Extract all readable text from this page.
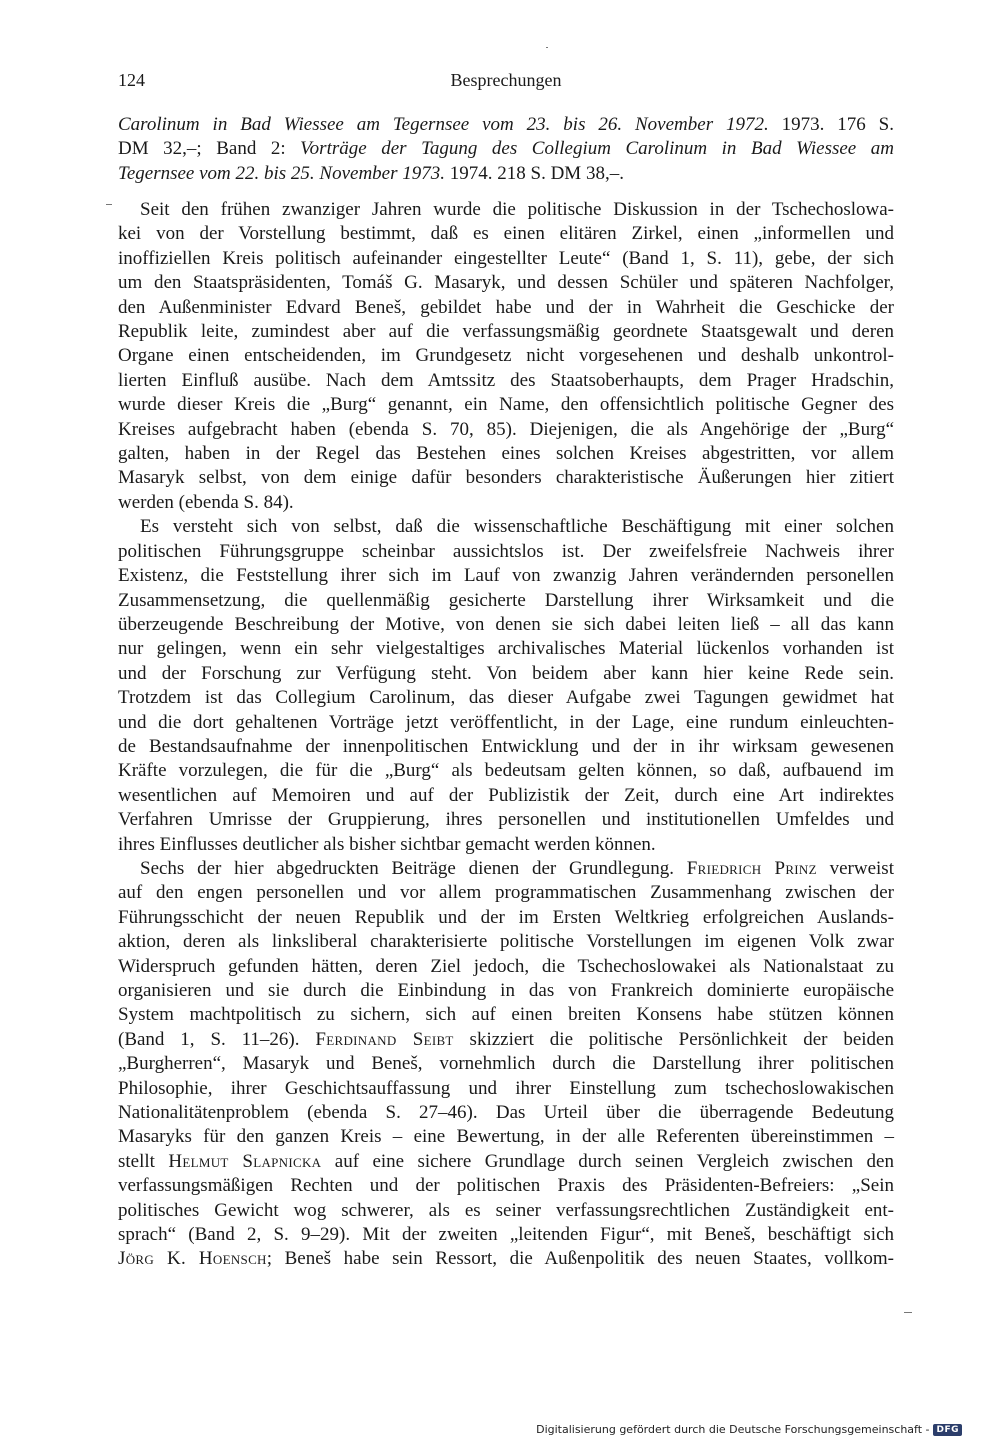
124	Besprechungen
Carolinum in Bad Wiessee am Tegernsee vom 23. bis 26. November 1972. 1973. 176 S.
DM 32,–; Band 2: Vorträge der Tagung des Collegium Carolinum in Bad Wiessee am
Tegernsee vom 22. bis 25. November 1973. 1974. 218 S. DM 38,–.
Seit den frühen zwanziger Jahren wurde die politische Diskussion in der Tschechoslowa-
kei von der Vorstellung bestimmt, daß es einen elitären Zirkel, einen „informellen und
inoffiziellen Kreis politisch aufeinander eingestellter Leute“ (Band 1, S. 11), gebe, der sich
um den Staatspräsidenten, Tomáš G. Masaryk, und dessen Schüler und späteren Nachfolger,
den Außenminister Edvard Beneš, gebildet habe und der in Wahrheit die Geschicke der
Republik leite, zumindest aber auf die verfassungsmäßig geordnete Staatsgewalt und deren
Organe einen entscheidenden, im Grundgesetz nicht vorgesehenen und deshalb unkontrol-
lierten Einfluß ausübe. Nach dem Amtssitz des Staatsoberhaupts, dem Prager Hradschin,
wurde dieser Kreis die „Burg“ genannt, ein Name, den offensichtlich politische Gegner des
Kreises aufgebracht haben (ebenda S. 70, 85). Diejenigen, die als Angehörige der „Burg“
galten, haben in der Regel das Bestehen eines solchen Kreises abgestritten, vor allem
Masaryk selbst, von dem einige dafür besonders charakteristische Äußerungen hier zitiert
werden (ebenda S. 84).
Es versteht sich von selbst, daß die wissenschaftliche Beschäftigung mit einer solchen
politischen Führungsgruppe scheinbar aussichtslos ist. Der zweifelsfreie Nachweis ihrer
Existenz, die Feststellung ihrer sich im Lauf von zwanzig Jahren verändernden personellen
Zusammensetzung, die quellenmäßig gesicherte Darstellung ihrer Wirksamkeit und die
überzeugende Beschreibung der Motive, von denen sie sich dabei leiten ließ – all das kann
nur gelingen, wenn ein sehr vielgestaltiges archivalisches Material lückenlos vorhanden ist
und der Forschung zur Verfügung steht. Von beidem aber kann hier keine Rede sein.
Trotzdem ist das Collegium Carolinum, das dieser Aufgabe zwei Tagungen gewidmet hat
und die dort gehaltenen Vorträge jetzt veröffentlicht, in der Lage, eine rundum einleuchten-
de Bestandsaufnahme der innenpolitischen Entwicklung und der in ihr wirksam gewesenen
Kräfte vorzulegen, die für die „Burg“ als bedeutsam gelten können, so daß, aufbauend im
wesentlichen auf Memoiren und auf der Publizistik der Zeit, durch eine Art indirektes
Verfahren Umrisse der Gruppierung, ihres personellen und institutionellen Umfeldes und
ihres Einflusses deutlicher als bisher sichtbar gemacht werden können.
Sechs der hier abgedruckten Beiträge dienen der Grundlegung. Friedrich Prinz verweist
auf den engen personellen und vor allem programmatischen Zusammenhang zwischen der
Führungsschicht der neuen Republik und der im Ersten Weltkrieg erfolgreichen Auslands-
aktion, deren als linksliberal charakterisierte politische Vorstellungen im eigenen Volk zwar
Widerspruch gefunden hätten, deren Ziel jedoch, die Tschechoslowakei als Nationalstaat zu
organisieren und sie durch die Einbindung in das von Frankreich dominierte europäische
System machtpolitisch zu sichern, sich auf einen breiten Konsens habe stützen können
(Band 1, S. 11–26). Ferdinand Seibt skizziert die politische Persönlichkeit der beiden
„Burgherren“, Masaryk und Beneš, vornehmlich durch die Darstellung ihrer politischen
Philosophie, ihrer Geschichtsauffassung und ihrer Einstellung zum tschechoslowakischen
Nationalitätenproblem (ebenda S. 27–46). Das Urteil über die überragende Bedeutung
Masaryks für den ganzen Kreis – eine Bewertung, in der alle Referenten übereinstimmen –
stellt Helmut Slapnicka auf eine sichere Grundlage durch seinen Vergleich zwischen den
verfassungsmäßigen Rechten und der politischen Praxis des Präsidenten-Befreiers: „Sein
politisches Gewicht wog schwerer, als es seiner verfassungsrechtlichen Zuständigkeit ent-
sprach“ (Band 2, S. 9–29). Mit der zweiten „leitenden Figur“, mit Beneš, beschäftigt sich
Jörg K. Hoensch; Beneš habe sein Ressort, die Außenpolitik des neuen Staates, vollkom-
Digitalisierung gefördert durch die Deutsche Forschungsgemeinschaft - DFG
